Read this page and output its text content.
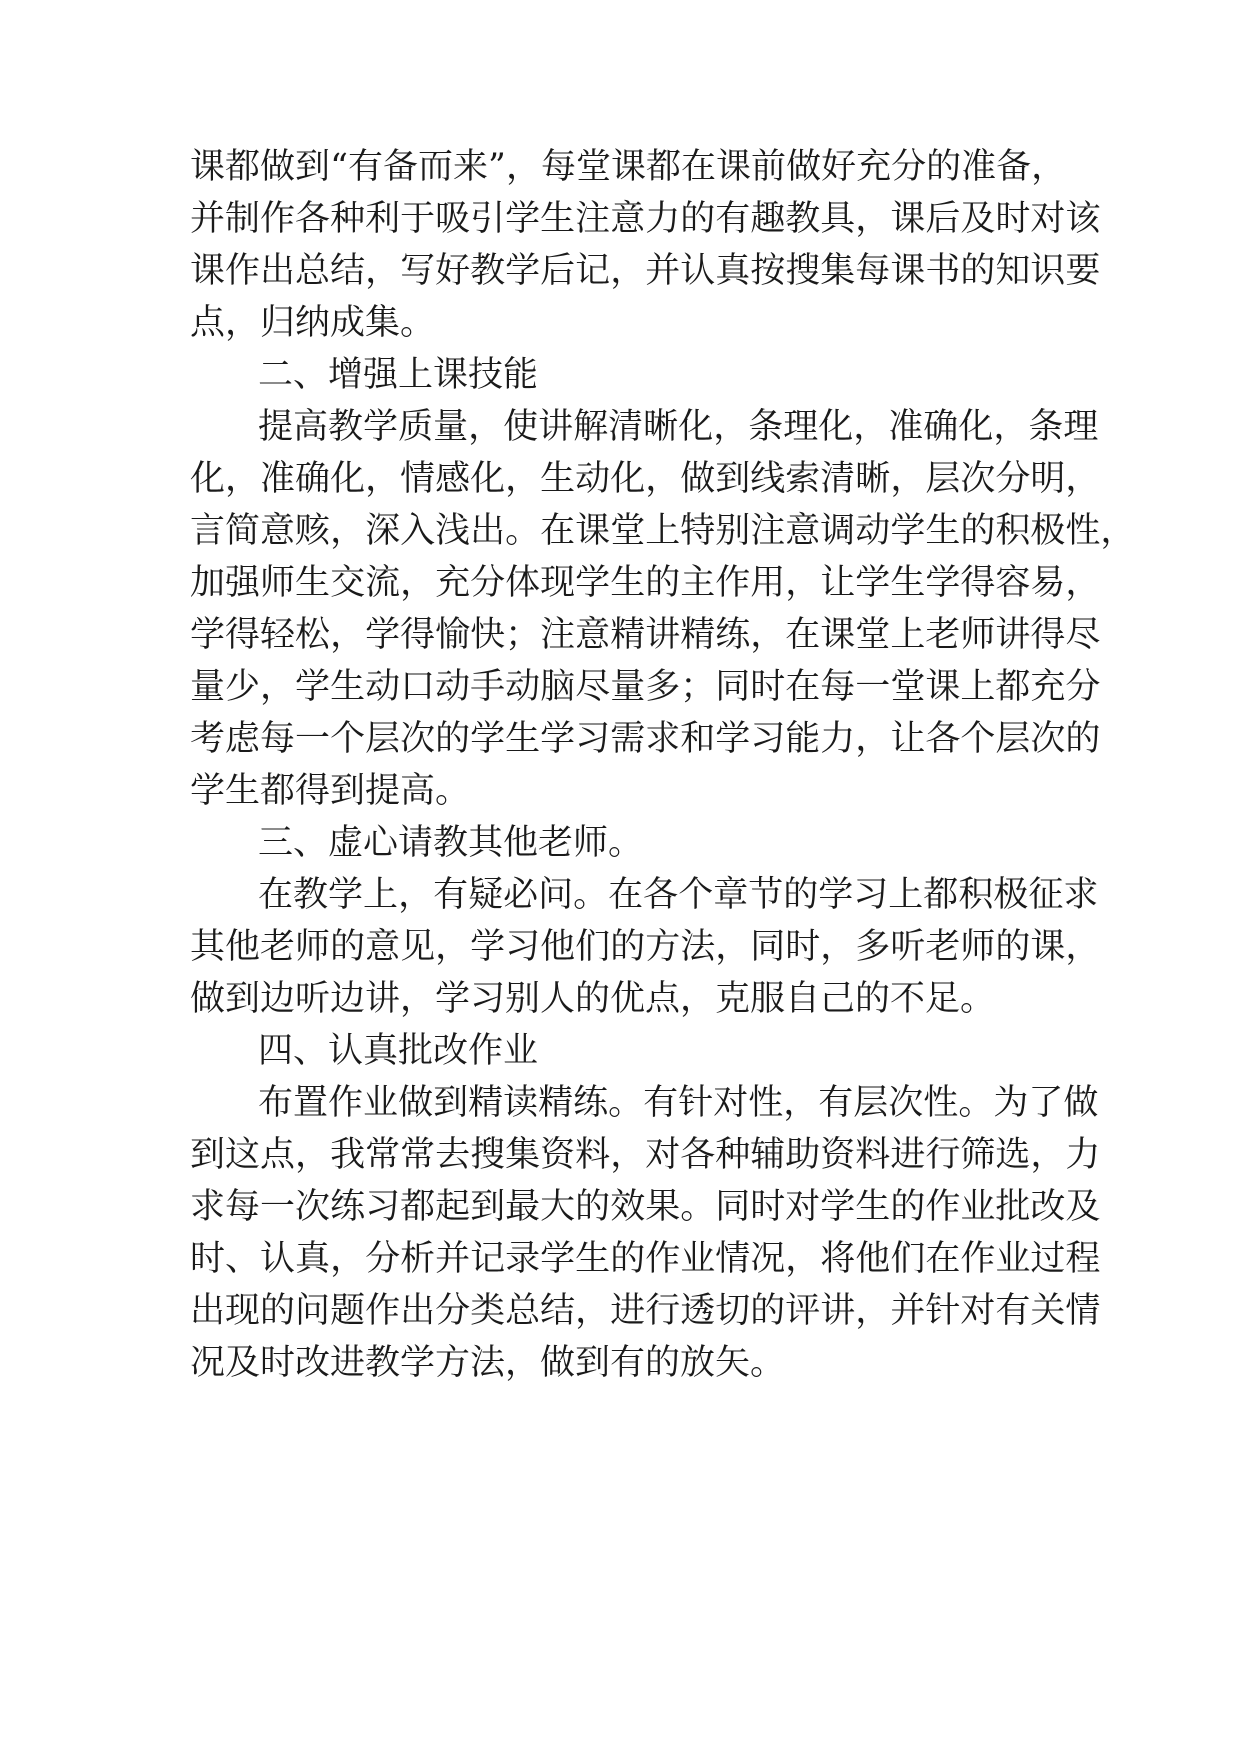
课 都 做 到 “ 有 备 而 来 ” ， 每 堂 课 都 在 课 前 做 好 充 分 的 准 备 ，
并 制 作 各 种 利 于 吸 引 学 生 注 意 力 的 有 趣 教 具 ， 课 后 及 时 对 该
课 作 出 总 结 ， 写 好 教 学 后 记 ， 并 认 真 按 搜 集 每 课 书 的 知 识 要
点，归纳成集。
二、增强上课技能
提 高 教 学 质 量 ， 使 讲 解 清 晰 化 ， 条 理 化 ， 准 确 化 ， 条 理
化 ， 准 确 化 ， 情 感 化 ， 生 动 化 ， 做 到 线 索 清 晰 ， 层 次 分 明 ，
言 简 意 赅 ， 深 入 浅 出 。 在 课 堂 上 特 别 注 意 调 动 学 生 的 积 极 性 ，
加 强 师 生 交 流 ， 充 分 体 现 学 生 的 主 作 用 ， 让 学 生 学 得 容 易 ，
学 得 轻 松 ， 学 得 愉 快 ； 注 意 精 讲 精 练 ， 在 课 堂 上 老 师 讲 得 尽
量 少 ， 学 生 动 口 动 手 动 脑 尽 量 多 ； 同 时 在 每 一 堂 课 上 都 充 分
考 虑 每 一 个 层 次 的 学 生 学 习 需 求 和 学 习 能 力 ， 让 各 个 层 次 的
学生都得到提高。
三、虚心请教其他老师。
在 教 学 上 ， 有 疑 必 问 。 在 各 个 章 节 的 学 习 上 都 积 极 征 求
其 他 老 师 的 意 见 ， 学 习 他 们 的 方 法 ， 同 时 ， 多 听 老 师 的 课 ，
做到边听边讲，学习别人的优点，克服自己的不足。
四、认真批改作业
布 置 作 业 做 到 精 读 精 练 。 有 针 对 性 ， 有 层 次 性 。 为 了 做
到 这 点 ， 我 常 常 去 搜 集 资 料 ， 对 各 种 辅 助 资 料 进 行 筛 选 ， 力
求 每 一 次 练 习 都 起 到 最 大 的 效 果 。 同 时 对 学 生 的 作 业 批 改 及
时 、 认 真 ， 分 析 并 记 录 学 生 的 作 业 情 况 ， 将 他 们 在 作 业 过 程
出 现 的 问 题 作 出 分 类 总 结 ， 进 行 透 切 的 评 讲 ， 并 针 对 有 关 情
况及时改进教学方法，做到有的放矢。
